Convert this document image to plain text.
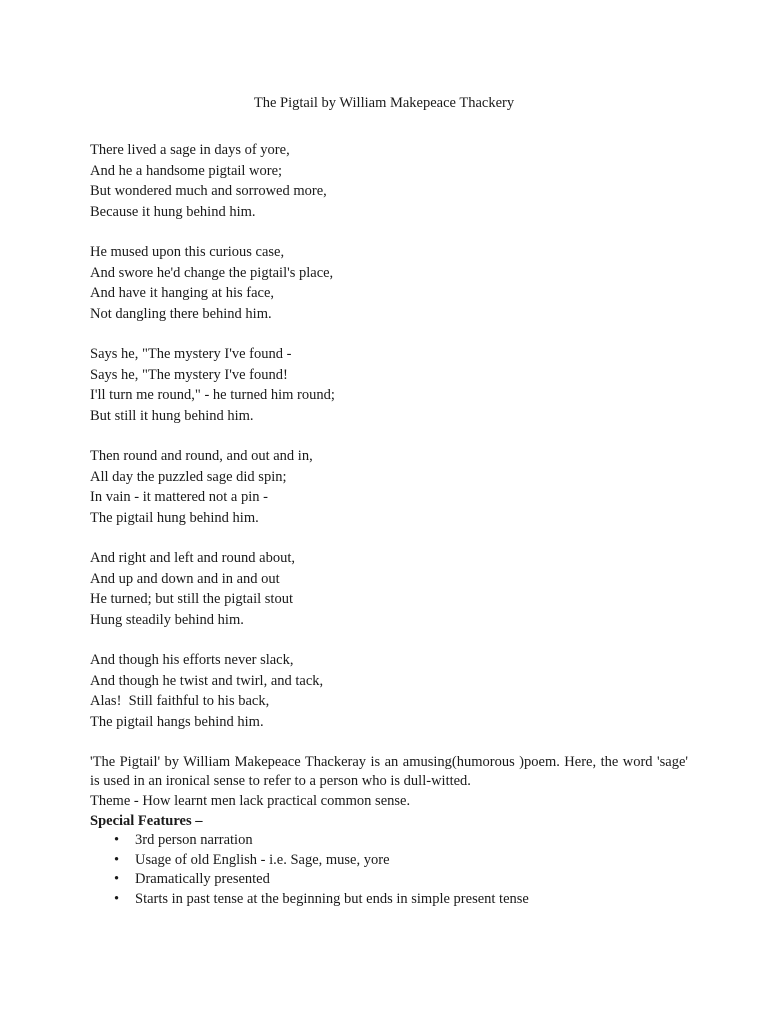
The Pigtail by William Makepeace Thackery
There lived a sage in days of yore,
And he a handsome pigtail wore;
But wondered much and sorrowed more,
Because it hung behind him.
He mused upon this curious case,
And swore he'd change the pigtail's place,
And have it hanging at his face,
Not dangling there behind him.
Says he, "The mystery I've found -
Says he, "The mystery I've found!
I'll turn me round," - he turned him round;
But still it hung behind him.
Then round and round, and out and in,
All day the puzzled sage did spin;
In vain - it mattered not a pin -
The pigtail hung behind him.
And right and left and round about,
And up and down and in and out
He turned; but still the pigtail stout
Hung steadily behind him.
And though his efforts never slack,
And though he twist and twirl, and tack,
Alas!  Still faithful to his back,
The pigtail hangs behind him.
'The Pigtail' by William Makepeace Thackeray is an amusing(humorous )poem. Here, the word 'sage' is used in an ironical sense to refer to a person who is dull-witted.
Theme - How learnt men lack practical common sense.
Special Features –
• 3rd person narration
• Usage of old English - i.e. Sage, muse, yore
• Dramatically presented
• Starts in past tense at the beginning but ends in simple present tense
